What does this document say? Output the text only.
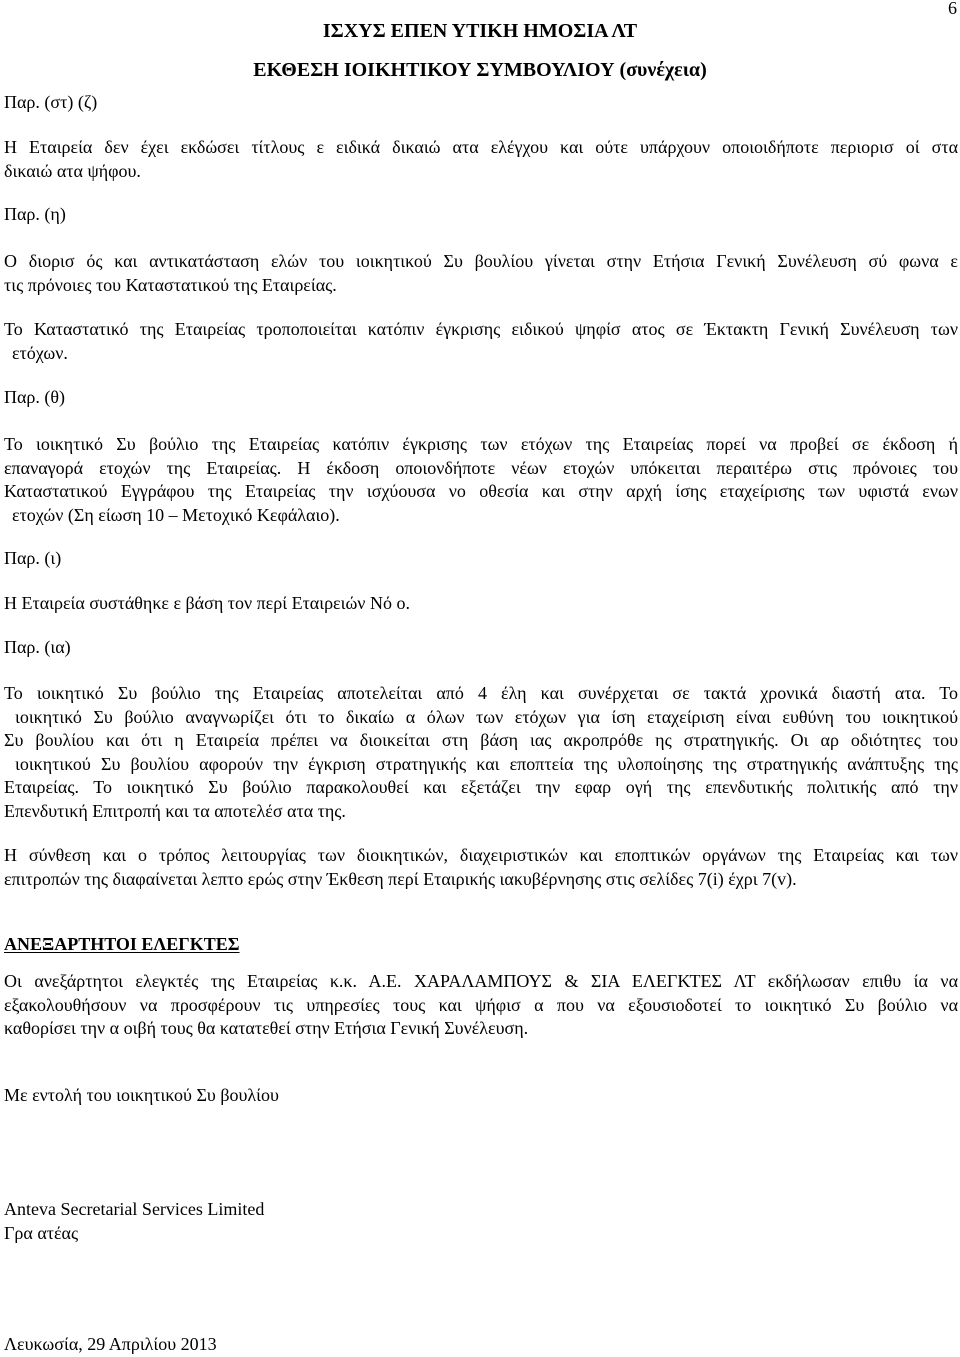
6
ΙΣΧΥΣ ΕΠΕΝ ΥΤΙΚΗ ΗΜΟΣΙΑ ΛΤ
ΕΚΘΕΣΗ ΙΟΙΚΗΤΙΚΟΥ ΣΥΜΒΟΥΛΙΟΥ (συνέχεια)
Παρ. (στ) (ζ)
Η Εταιρεία δεν έχει εκδώσει τίτλους ε ειδικά δικαιώ ατα ελέγχου και ούτε υπάρχουν οποιοιδήποτε περιορισ οί στα
δικαιώ ατα ψήφου.
Παρ. (η)
Ο διορισ ός και αντικατάσταση ελών του ιοικητικού Συ βουλίου γίνεται στην Ετήσια Γενική Συνέλευση σύ φωνα ε
τις πρόνοιες του Καταστατικού της Εταιρείας.
Το Καταστατικό της Εταιρείας τροποποιείται κατόπιν έγκρισης ειδικού ψηφίσ ατος σε Έκτακτη Γενική Συνέλευση των
ετόχων.
Παρ. (θ)
Το ιοικητικό Συ βούλιο της Εταιρείας κατόπιν έγκρισης των ετόχων της Εταιρείας πορεί να προβεί σε έκδοση ή
επαναγορά ετοχών της Εταιρείας. Η έκδοση οποιονδήποτε νέων ετοχών υπόκειται περαιτέρω στις πρόνοιες του
Καταστατικού Εγγράφου της Εταιρείας την ισχύουσα νο οθεσία και στην αρχή ίσης εταχείρισης των υφιστά ενων
ετοχών (Ση είωση 10 – Μετοχικό Κεφάλαιο).
Παρ. (ι)
Η Εταιρεία συστάθηκε ε βάση τον περί Εταιρειών Νό ο.
Παρ. (ια)
Το ιοικητικό Συ βούλιο της Εταιρείας αποτελείται από 4 έλη και συνέρχεται σε τακτά χρονικά διαστή ατα. Το
ιοικητικό Συ βούλιο αναγνωρίζει ότι το δικαίω α όλων των ετόχων για ίση εταχείριση είναι ευθύνη του ιοικητικού
Συ βουλίου και ότι η Εταιρεία πρέπει να διοικείται στη βάση ιας ακροπρόθε ης στρατηγικής. Οι αρ οδιότητες του
ιοικητικού Συ βουλίου αφορούν την έγκριση στρατηγικής και εποπτεία της υλοποίησης της στρατηγικής ανάπτυξης της
Εταιρείας. Το ιοικητικό Συ βούλιο παρακολουθεί και εξετάζει την εφαρ ογή της επενδυτικής πολιτικής από την
Επενδυτική Επιτροπή και τα αποτελέσ ατα της.
Η σύνθεση και ο τρόπος λειτουργίας των διοικητικών, διαχειριστικών και εποπτικών οργάνων της Εταιρείας και των
επιτροπών της διαφαίνεται λεπτο ερώς στην Έκθεση περί Εταιρικής ιακυβέρνησης στις σελίδες 7(i) έχρι 7(v).
ΑΝΕΞΑΡΤΗΤΟΙ ΕΛΕΓΚΤΕΣ
Οι ανεξάρτητοι ελεγκτές της Εταιρείας κ.κ. Α.Ε. ΧΑΡΑΛΑΜΠΟΥΣ & ΣΙΑ ΕΛΕΓΚΤΕΣ ΛΤ εκδήλωσαν επιθυ ία να
εξακολουθήσουν να προσφέρουν τις υπηρεσίες τους και ψήφισ α που να εξουσιοδοτεί το ιοικητικό Συ βούλιο να
καθορίσει την α οιβή τους θα κατατεθεί στην Ετήσια Γενική Συνέλευση.
Με εντολή του ιοικητικού Συ βουλίου
Anteva Secretarial Services Limited
Γρα ατέας
Λευκωσία, 29 Απριλίου 2013
